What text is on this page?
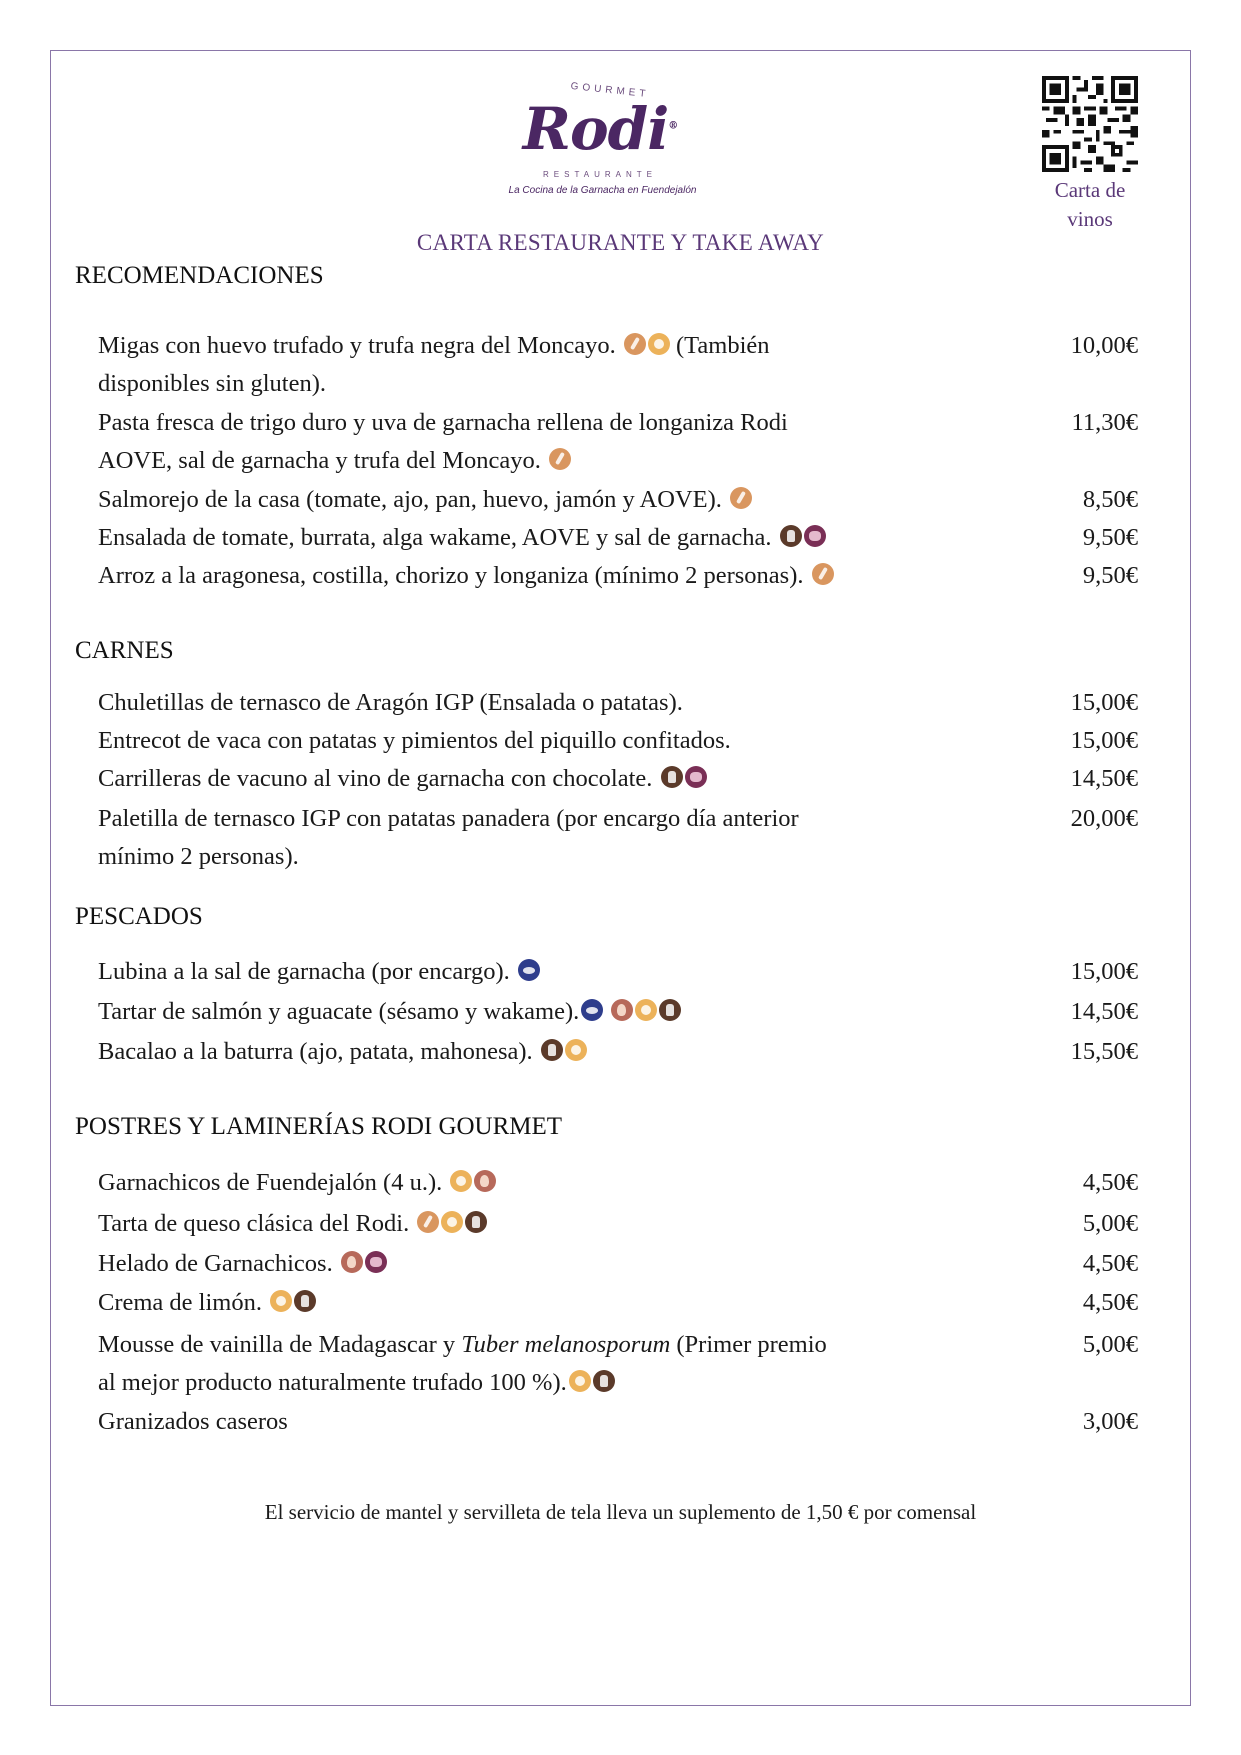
GOURMET
Rodi®
RESTAURANTE
La Cocina de la Garnacha en Fuendejalón	Carta de
vinos
CARTA RESTAURANTE Y TAKE AWAY
RECOMENDACIONES
Migas con huevo trufado y trufa negra del Moncayo. (También
disponibles sin gluten).
10,00€
Pasta fresca de trigo duro y uva de garnacha rellena de longaniza Rodi
AOVE, sal de garnacha y trufa del Moncayo.
11,30€
Salmorejo de la casa (tomate, ajo, pan, huevo, jamón y AOVE).	8,50€
Ensalada de tomate, burrata, alga wakame, AOVE y sal de garnacha.	9,50€
Arroz a la aragonesa, costilla, chorizo y longaniza (mínimo 2 personas).	9,50€
CARNES
Chuletillas de ternasco de Aragón IGP (Ensalada o patatas).	15,00€
Entrecot de vaca con patatas y pimientos del piquillo confitados.	15,00€
Carrilleras de vacuno al vino de garnacha con chocolate.	14,50€
Paletilla de ternasco IGP con patatas panadera (por encargo día anterior
mínimo 2 personas).
20,00€
PESCADOS
Lubina a la sal de garnacha (por encargo).	15,00€
Tartar de salmón y aguacate (sésamo y wakame).	14,50€
Bacalao a la baturra (ajo, patata, mahonesa).	15,50€
POSTRES Y LAMINERÍAS RODI GOURMET
Garnachicos de Fuendejalón (4 u.).	4,50€
Tarta de queso clásica del Rodi.	5,00€
Helado de Garnachicos.	4,50€
Crema de limón.	4,50€
Mousse de vainilla de Madagascar y Tuber melanosporum (Primer premio
al mejor producto naturalmente trufado 100 %).
5,00€
Granizados caseros	3,00€
El servicio de mantel y servilleta de tela lleva un suplemento de 1,50 € por comensal
